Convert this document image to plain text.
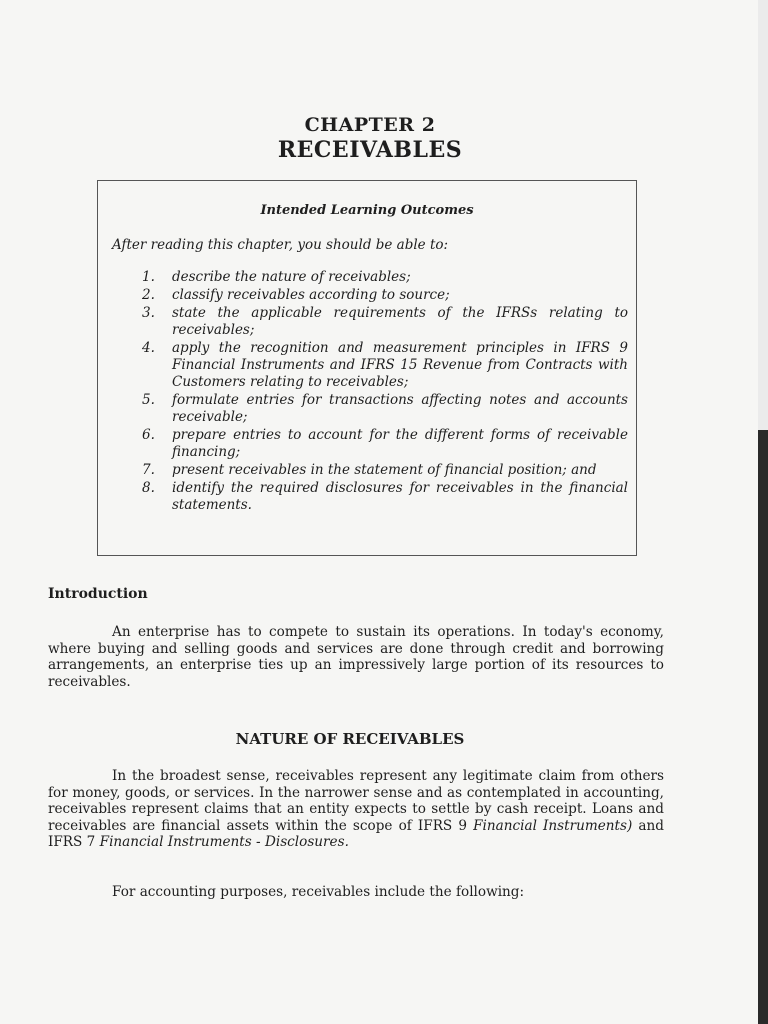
CHAPTER 2
RECEIVABLES
Intended Learning Outcomes
After reading this chapter, you should be able to:
1.	describe the nature of receivables;
2.	classify receivables according to source;
3.	state the applicable requirements of the IFRSs relating to receivables;
4.	apply the recognition and measurement principles in IFRS 9 Financial Instruments and IFRS 15 Revenue from Contracts with Customers relating to receivables;
5.	formulate entries for transactions affecting notes and accounts receivable;
6.	prepare entries to account for the different forms of receivable financing;
7.	present receivables in the statement of financial position; and
8.	identify the required disclosures for receivables in the financial statements.
Introduction
An enterprise has to compete to sustain its operations. In today's economy, where buying and selling goods and services are done through credit and borrowing arrangements, an enterprise ties up an impressively large portion of its resources to receivables.
NATURE OF RECEIVABLES
In the broadest sense, receivables represent any legitimate claim from others for money, goods, or services. In the narrower sense and as contemplated in accounting, receivables represent claims that an entity expects to settle by cash receipt. Loans and receivables are financial assets within the scope of IFRS 9 Financial Instruments) and IFRS 7 Financial Instruments - Disclosures.
For accounting purposes, receivables include the following:
